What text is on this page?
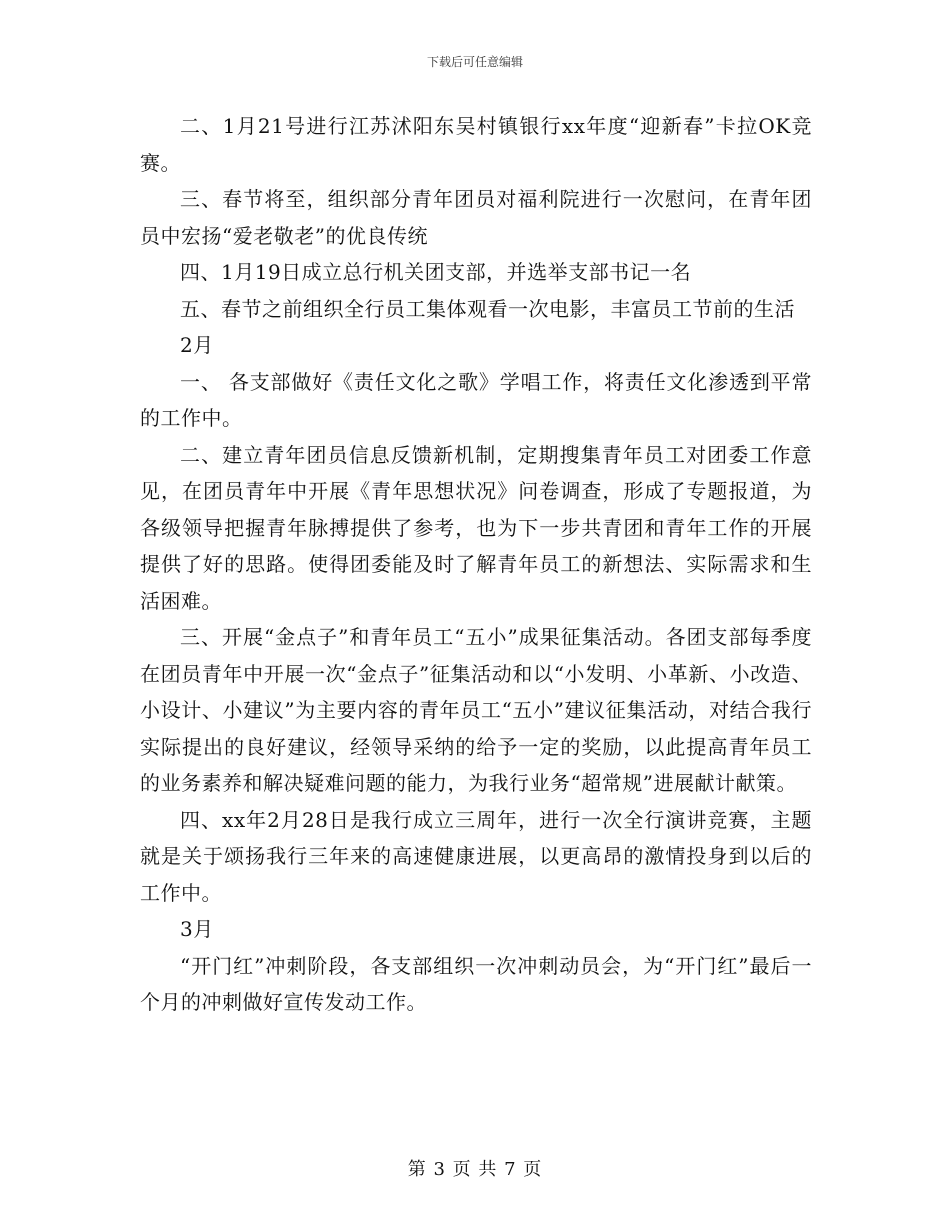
下载后可任意编辑

二、1月21号进行江苏沭阳东吴村镇银行xx年度“迎新春”卡拉OK竞赛。

三、春节将至，组织部分青年团员对福利院进行一次慰问，在青年团员中宏扬“爱老敬老”的优良传统

四、1月19日成立总行机关团支部，并选举支部书记一名

五、春节之前组织全行员工集体观看一次电影，丰富员工节前的生活

2月

一、 各支部做好《责任文化之歌》学唱工作，将责任文化渗透到平常的工作中。

二、建立青年团员信息反馈新机制，定期搜集青年员工对团委工作意见，在团员青年中开展《青年思想状况》问卷调查，形成了专题报道，为各级领导把握青年脉搏提供了参考，也为下一步共青团和青年工作的开展提供了好的思路。使得团委能及时了解青年员工的新想法、实际需求和生活困难。

三、开展“金点子”和青年员工“五小”成果征集活动。各团支部每季度在团员青年中开展一次“金点子”征集活动和以“小发明、小革新、小改造、小设计、小建议”为主要内容的青年员工“五小”建议征集活动，对结合我行实际提出的良好建议，经领导采纳的给予一定的奖励，以此提高青年员工的业务素养和解决疑难问题的能力，为我行业务“超常规”进展献计献策。

四、xx年2月28日是我行成立三周年，进行一次全行演讲竞赛，主题就是关于颂扬我行三年来的高速健康进展，以更高昂的激情投身到以后的工作中。

3月

“开门红”冲刺阶段，各支部组织一次冲刺动员会，为“开门红”最后一个月的冲刺做好宣传发动工作。

第 3 页 共 7 页
